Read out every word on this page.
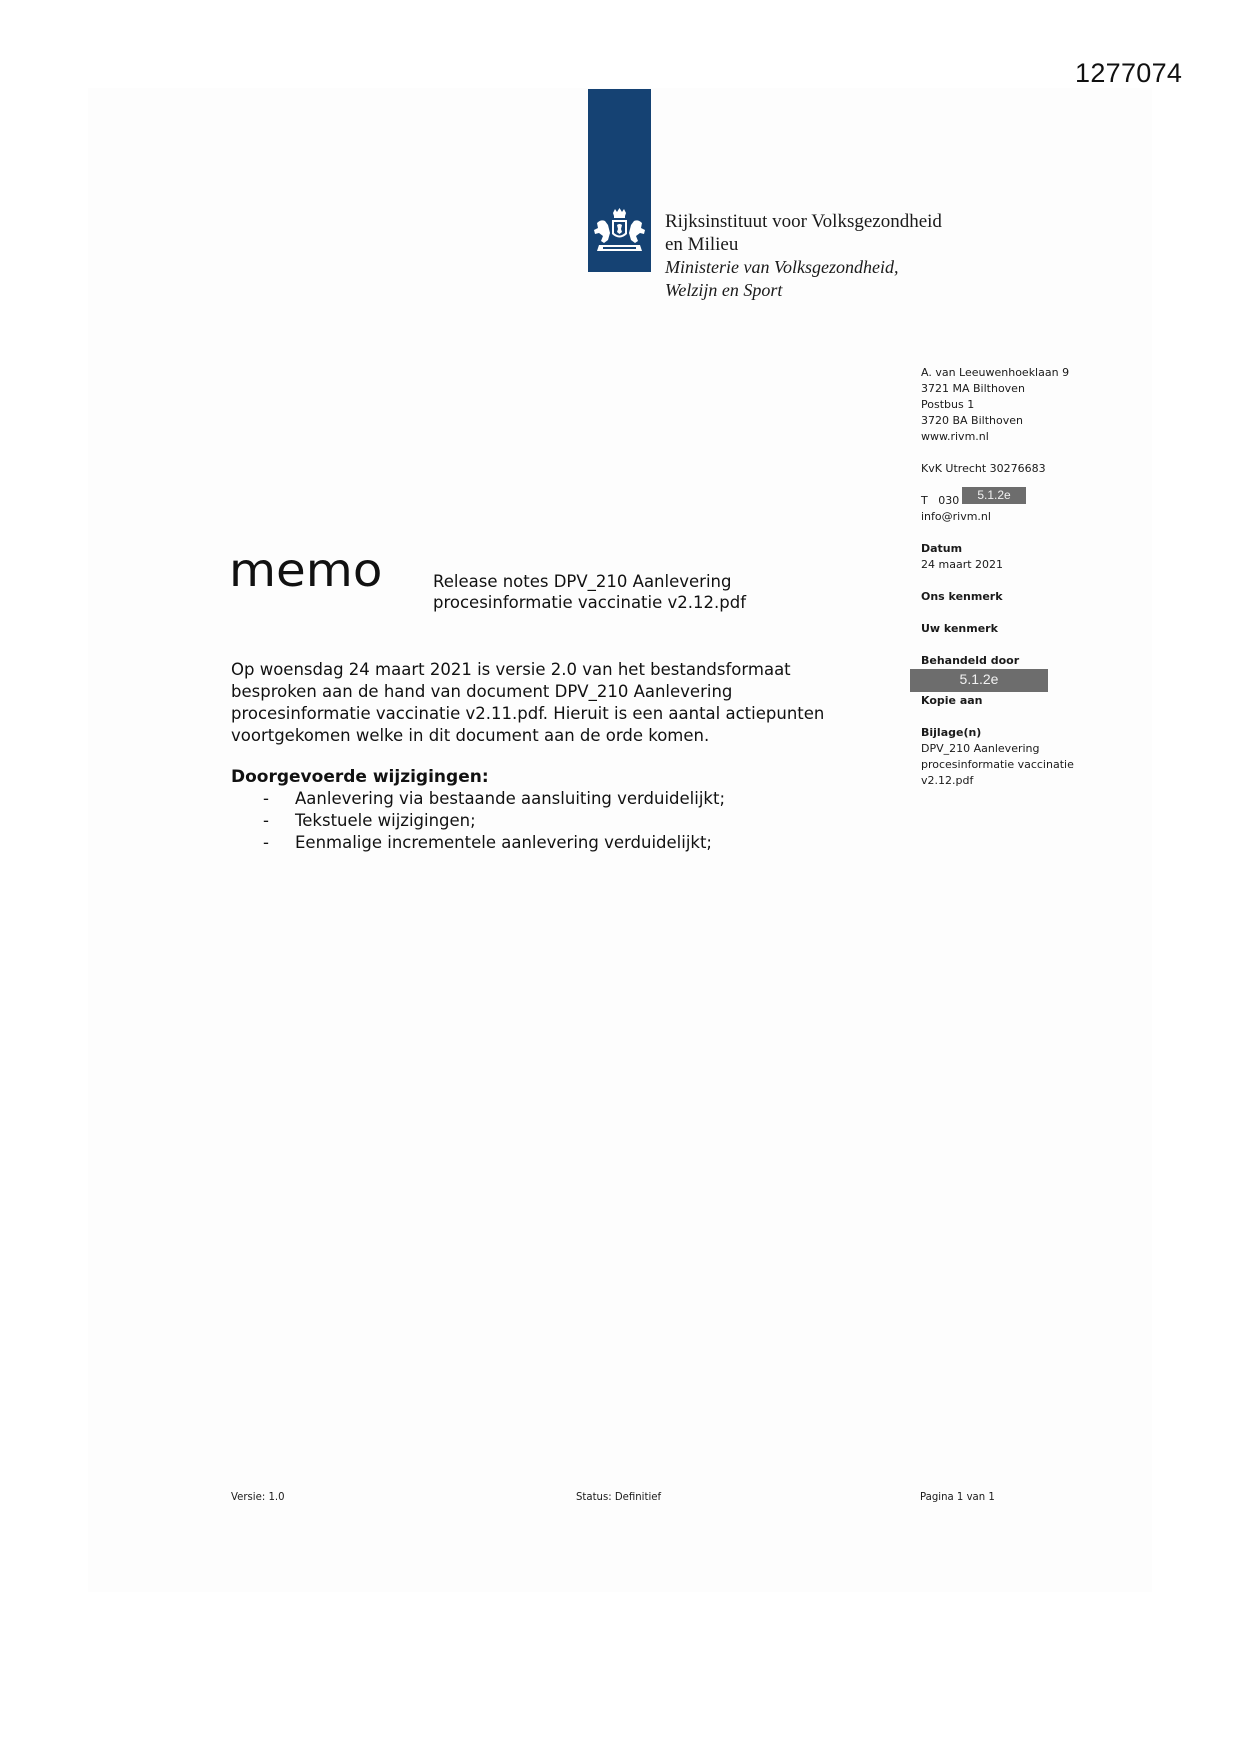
1277074
Rijksinstituut voor Volksgezondheid
en Milieu
Ministerie van Volksgezondheid,
Welzijn en Sport
A. van Leeuwenhoeklaan 9
3721 MA Bilthoven
Postbus 1
3720 BA Bilthoven
www.rivm.nl
KvK Utrecht 30276683
T   030
info@rivm.nl
Datum
24 maart 2021
Ons kenmerk
Uw kenmerk
Behandeld door
Kopie aan
Bijlage(n)
DPV_210 Aanlevering
procesinformatie vaccinatie
v2.12.pdf
5.1.2e
5.1.2e
memo	Release notes DPV_210 Aanlevering
procesinformatie vaccinatie v2.12.pdf

Op woensdag 24 maart 2021 is versie 2.0 van het bestandsformaat

besproken aan de hand van document DPV_210 Aanlevering

procesinformatie vaccinatie v2.11.pdf. Hieruit is een aantal actiepunten

voortgekomen welke in dit document aan de orde komen.

Doorgevoerde wijzigingen:
- Aanlevering via bestaande aansluiting verduidelijkt;
- Tekstuele wijzigingen;
- Eenmalige incrementele aanlevering verduidelijkt;
Versie: 1.0	Status: Definitief	Pagina 1 van 1
